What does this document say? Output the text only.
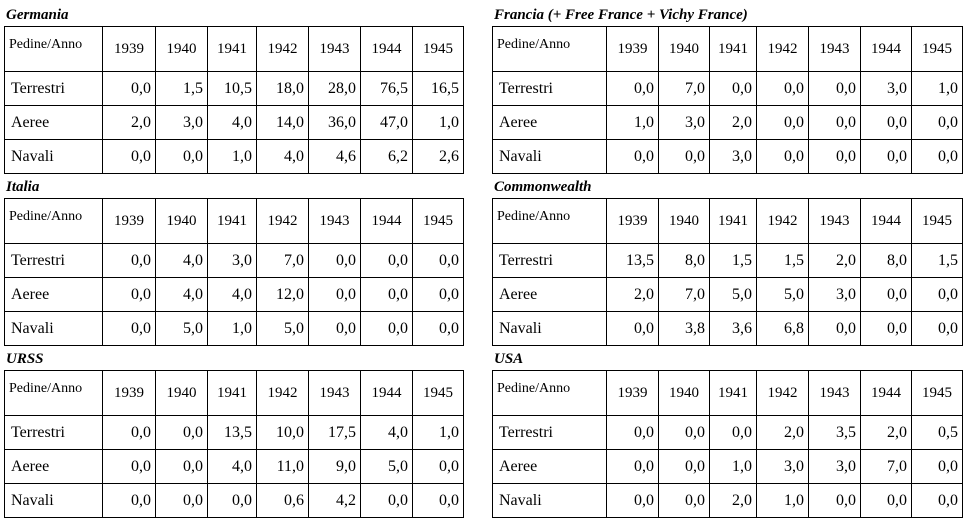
Germania
Pedine/Anno	1939	1940	1941	1942	1943	1944	1945
Terrestri	0,0	1,5	10,5	18,0	28,0	76,5	16,5
Aeree	2,0	3,0	4,0	14,0	36,0	47,0	1,0
Navali	0,0	0,0	1,0	4,0	4,6	6,2	2,6
Francia (+ Free France + Vichy France)
Pedine/Anno	1939	1940	1941	1942	1943	1944	1945
Terrestri	0,0	7,0	0,0	0,0	0,0	3,0	1,0
Aeree	1,0	3,0	2,0	0,0	0,0	0,0	0,0
Navali	0,0	0,0	3,0	0,0	0,0	0,0	0,0
Italia
Pedine/Anno	1939	1940	1941	1942	1943	1944	1945
Terrestri	0,0	4,0	3,0	7,0	0,0	0,0	0,0
Aeree	0,0	4,0	4,0	12,0	0,0	0,0	0,0
Navali	0,0	5,0	1,0	5,0	0,0	0,0	0,0
Commonwealth
Pedine/Anno	1939	1940	1941	1942	1943	1944	1945
Terrestri	13,5	8,0	1,5	1,5	2,0	8,0	1,5
Aeree	2,0	7,0	5,0	5,0	3,0	0,0	0,0
Navali	0,0	3,8	3,6	6,8	0,0	0,0	0,0
URSS
Pedine/Anno	1939	1940	1941	1942	1943	1944	1945
Terrestri	0,0	0,0	13,5	10,0	17,5	4,0	1,0
Aeree	0,0	0,0	4,0	11,0	9,0	5,0	0,0
Navali	0,0	0,0	0,0	0,6	4,2	0,0	0,0
USA
Pedine/Anno	1939	1940	1941	1942	1943	1944	1945
Terrestri	0,0	0,0	0,0	2,0	3,5	2,0	0,5
Aeree	0,0	0,0	1,0	3,0	3,0	7,0	0,0
Navali	0,0	0,0	2,0	1,0	0,0	0,0	0,0
